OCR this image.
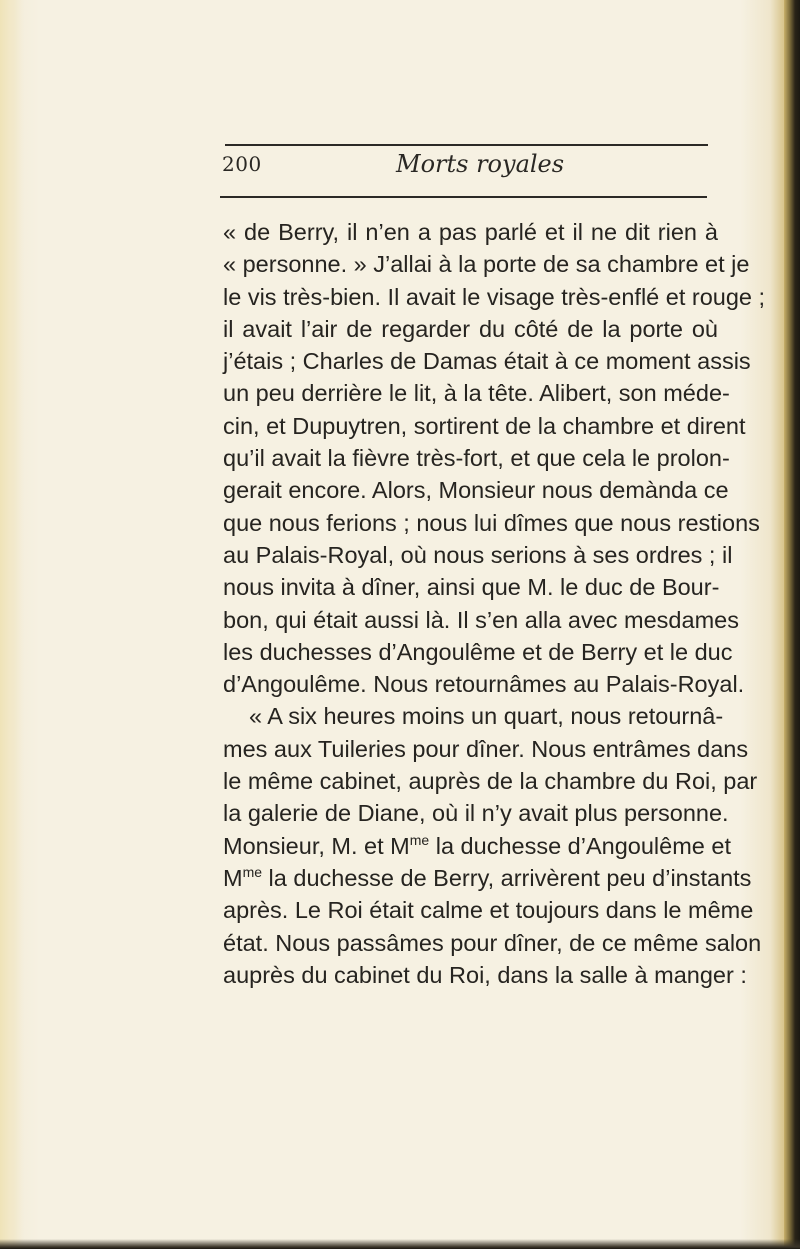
200	Morts royales
« de Berry, il n’en a pas parlé et il ne dit rien à
« personne. » J’allai à la porte de sa chambre et je
le vis très-bien. Il avait le visage très-enflé et rouge ;
il avait l’air de regarder du côté de la porte où
j’étais ; Charles de Damas était à ce moment assis
un peu derrière le lit, à la tête. Alibert, son méde-
cin, et Dupuytren, sortirent de la chambre et dirent
qu’il avait la fièvre très-fort, et que cela le prolon-
gerait encore. Alors, Monsieur nous demànda ce
que nous ferions ; nous lui dîmes que nous restions
au Palais-Royal, où nous serions à ses ordres ; il
nous invita à dîner, ainsi que M. le duc de Bour-
bon, qui était aussi là. Il s’en alla avec mesdames
les duchesses d’Angoulême et de Berry et le duc
d’Angoulême. Nous retournâmes au Palais-Royal.
« A six heures moins un quart, nous retournâ-
mes aux Tuileries pour dîner. Nous entrâmes dans
le même cabinet, auprès de la chambre du Roi, par
la galerie de Diane, où il n’y avait plus personne.
Monsieur, M. et $M^{me}$ la duchesse d’Angoulême et
$M^{me}$ la duchesse de Berry, arrivèrent peu d’instants
après. Le Roi était calme et toujours dans le même
état. Nous passâmes pour dîner, de ce même salon
auprès du cabinet du Roi, dans la salle à manger :
